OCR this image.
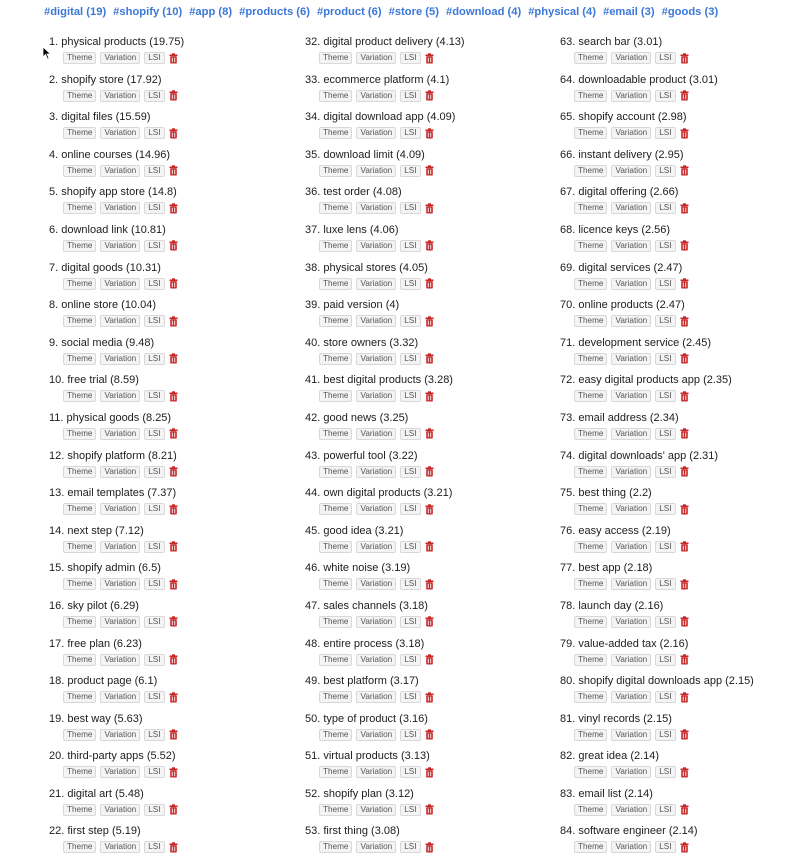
#digital (19) #shopify (10) #app (8) #products (6) #product (6) #store (5) #download (4) #physical (4) #email (3) #goods (3)
1. physical products (19.75)
Theme	Variation	LSI
2. shopify store (17.92)
Theme	Variation	LSI
3. digital files (15.59)
Theme	Variation	LSI
4. online courses (14.96)
Theme	Variation	LSI
5. shopify app store (14.8)
Theme	Variation	LSI
6. download link (10.81)
Theme	Variation	LSI
7. digital goods (10.31)
Theme	Variation	LSI
8. online store (10.04)
Theme	Variation	LSI
9. social media (9.48)
Theme	Variation	LSI
10. free trial (8.59)
Theme	Variation	LSI
11. physical goods (8.25)
Theme	Variation	LSI
12. shopify platform (8.21)
Theme	Variation	LSI
13. email templates (7.37)
Theme	Variation	LSI
14. next step (7.12)
Theme	Variation	LSI
15. shopify admin (6.5)
Theme	Variation	LSI
16. sky pilot (6.29)
Theme	Variation	LSI
17. free plan (6.23)
Theme	Variation	LSI
18. product page (6.1)
Theme	Variation	LSI
19. best way (5.63)
Theme	Variation	LSI
20. third-party apps (5.52)
Theme	Variation	LSI
21. digital art (5.48)
Theme	Variation	LSI
22. first step (5.19)
Theme	Variation	LSI
32. digital product delivery (4.13)
Theme	Variation	LSI
33. ecommerce platform (4.1)
Theme	Variation	LSI
34. digital download app (4.09)
Theme	Variation	LSI
35. download limit (4.09)
Theme	Variation	LSI
36. test order (4.08)
Theme	Variation	LSI
37. luxe lens (4.06)
Theme	Variation	LSI
38. physical stores (4.05)
Theme	Variation	LSI
39. paid version (4)
Theme	Variation	LSI
40. store owners (3.32)
Theme	Variation	LSI
41. best digital products (3.28)
Theme	Variation	LSI
42. good news (3.25)
Theme	Variation	LSI
43. powerful tool (3.22)
Theme	Variation	LSI
44. own digital products (3.21)
Theme	Variation	LSI
45. good idea (3.21)
Theme	Variation	LSI
46. white noise (3.19)
Theme	Variation	LSI
47. sales channels (3.18)
Theme	Variation	LSI
48. entire process (3.18)
Theme	Variation	LSI
49. best platform (3.17)
Theme	Variation	LSI
50. type of product (3.16)
Theme	Variation	LSI
51. virtual products (3.13)
Theme	Variation	LSI
52. shopify plan (3.12)
Theme	Variation	LSI
53. first thing (3.08)
Theme	Variation	LSI
63. search bar (3.01)
Theme	Variation	LSI
64. downloadable product (3.01)
Theme	Variation	LSI
65. shopify account (2.98)
Theme	Variation	LSI
66. instant delivery (2.95)
Theme	Variation	LSI
67. digital offering (2.66)
Theme	Variation	LSI
68. licence keys (2.56)
Theme	Variation	LSI
69. digital services (2.47)
Theme	Variation	LSI
70. online products (2.47)
Theme	Variation	LSI
71. development service (2.45)
Theme	Variation	LSI
72. easy digital products app (2.35)
Theme	Variation	LSI
73. email address (2.34)
Theme	Variation	LSI
74. digital downloads' app (2.31)
Theme	Variation	LSI
75. best thing (2.2)
Theme	Variation	LSI
76. easy access (2.19)
Theme	Variation	LSI
77. best app (2.18)
Theme	Variation	LSI
78. launch day (2.16)
Theme	Variation	LSI
79. value-added tax (2.16)
Theme	Variation	LSI
80. shopify digital downloads app (2.15)
Theme	Variation	LSI
81. vinyl records (2.15)
Theme	Variation	LSI
82. great idea (2.14)
Theme	Variation	LSI
83. email list (2.14)
Theme	Variation	LSI
84. software engineer (2.14)
Theme	Variation	LSI
